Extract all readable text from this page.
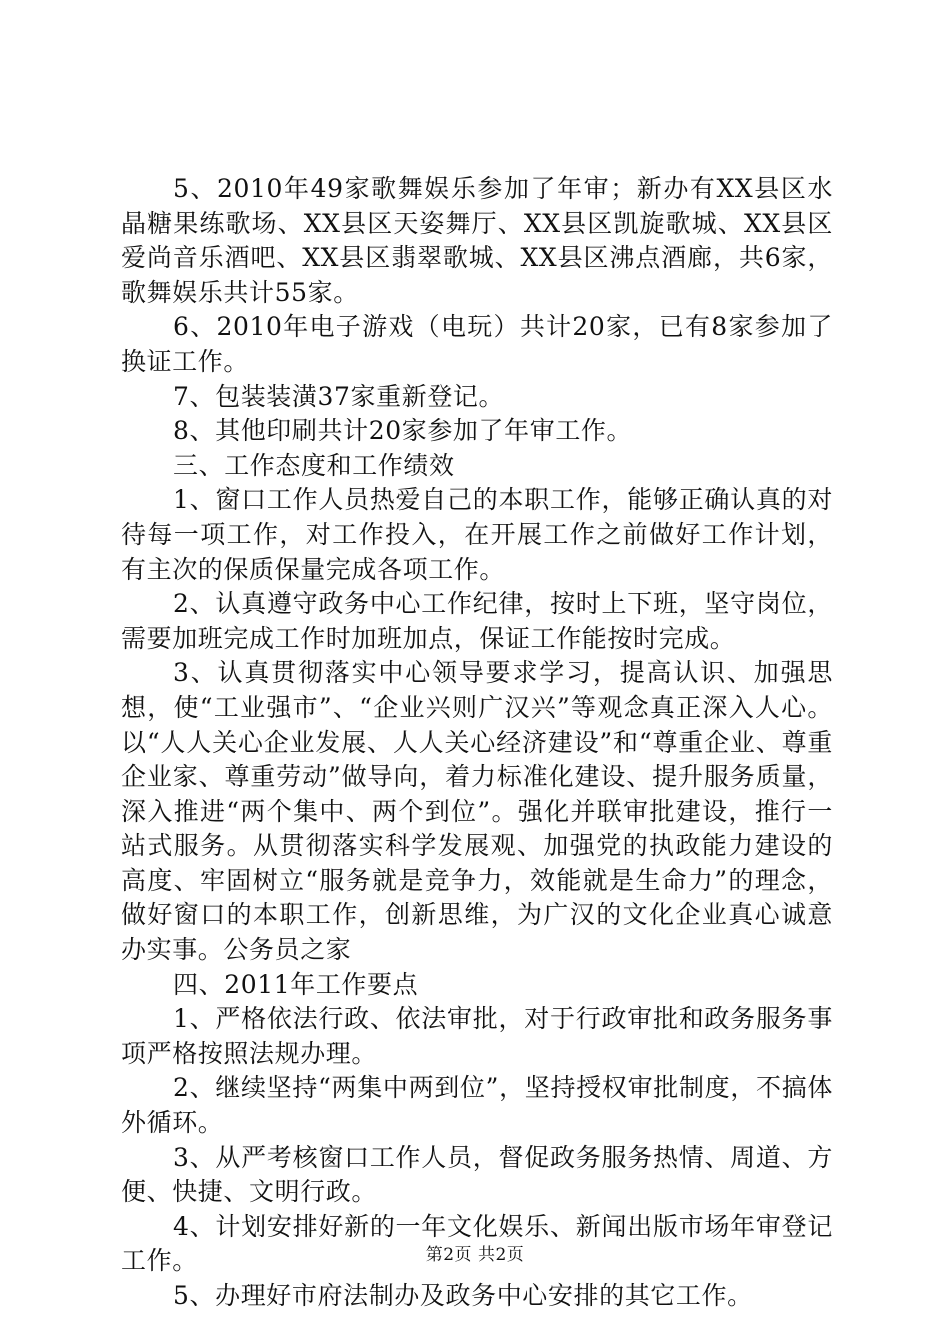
5、2010年49家歌舞娱乐参加了年审；新办有XX县区水晶糖果练歌场、XX县区天姿舞厅、XX县区凯旋歌城、XX县区爱尚音乐酒吧、XX县区翡翠歌城、XX县区沸点酒廊，共6家，歌舞娱乐共计55家。

6、2010年电子游戏（电玩）共计20家，已有8家参加了换证工作。

7、包装装潢37家重新登记。

8、其他印刷共计20家参加了年审工作。

三、工作态度和工作绩效

1、窗口工作人员热爱自己的本职工作，能够正确认真的对待每一项工作，对工作投入，在开展工作之前做好工作计划，有主次的保质保量完成各项工作。

2、认真遵守政务中心工作纪律，按时上下班，坚守岗位，需要加班完成工作时加班加点，保证工作能按时完成。

3、认真贯彻落实中心领导要求学习，提高认识、加强思想，使“工业强市”、“企业兴则广汉兴”等观念真正深入人心。以“人人关心企业发展、人人关心经济建设”和“尊重企业、尊重企业家、尊重劳动”做导向，着力标准化建设、提升服务质量，深入推进“两个集中、两个到位”。强化并联审批建设，推行一站式服务。从贯彻落实科学发展观、加强党的执政能力建设的高度、牢固树立“服务就是竞争力，效能就是生命力”的理念，做好窗口的本职工作，创新思维，为广汉的文化企业真心诚意办实事。公务员之家

四、2011年工作要点

1、严格依法行政、依法审批，对于行政审批和政务服务事项严格按照法规办理。

2、继续坚持“两集中两到位”，坚持授权审批制度，不搞体外循环。

3、从严考核窗口工作人员，督促政务服务热情、周道、方便、快捷、文明行政。

4、计划安排好新的一年文化娱乐、新闻出版市场年审登记工作。

5、办理好市府法制办及政务中心安排的其它工作。

第2页 共2页
